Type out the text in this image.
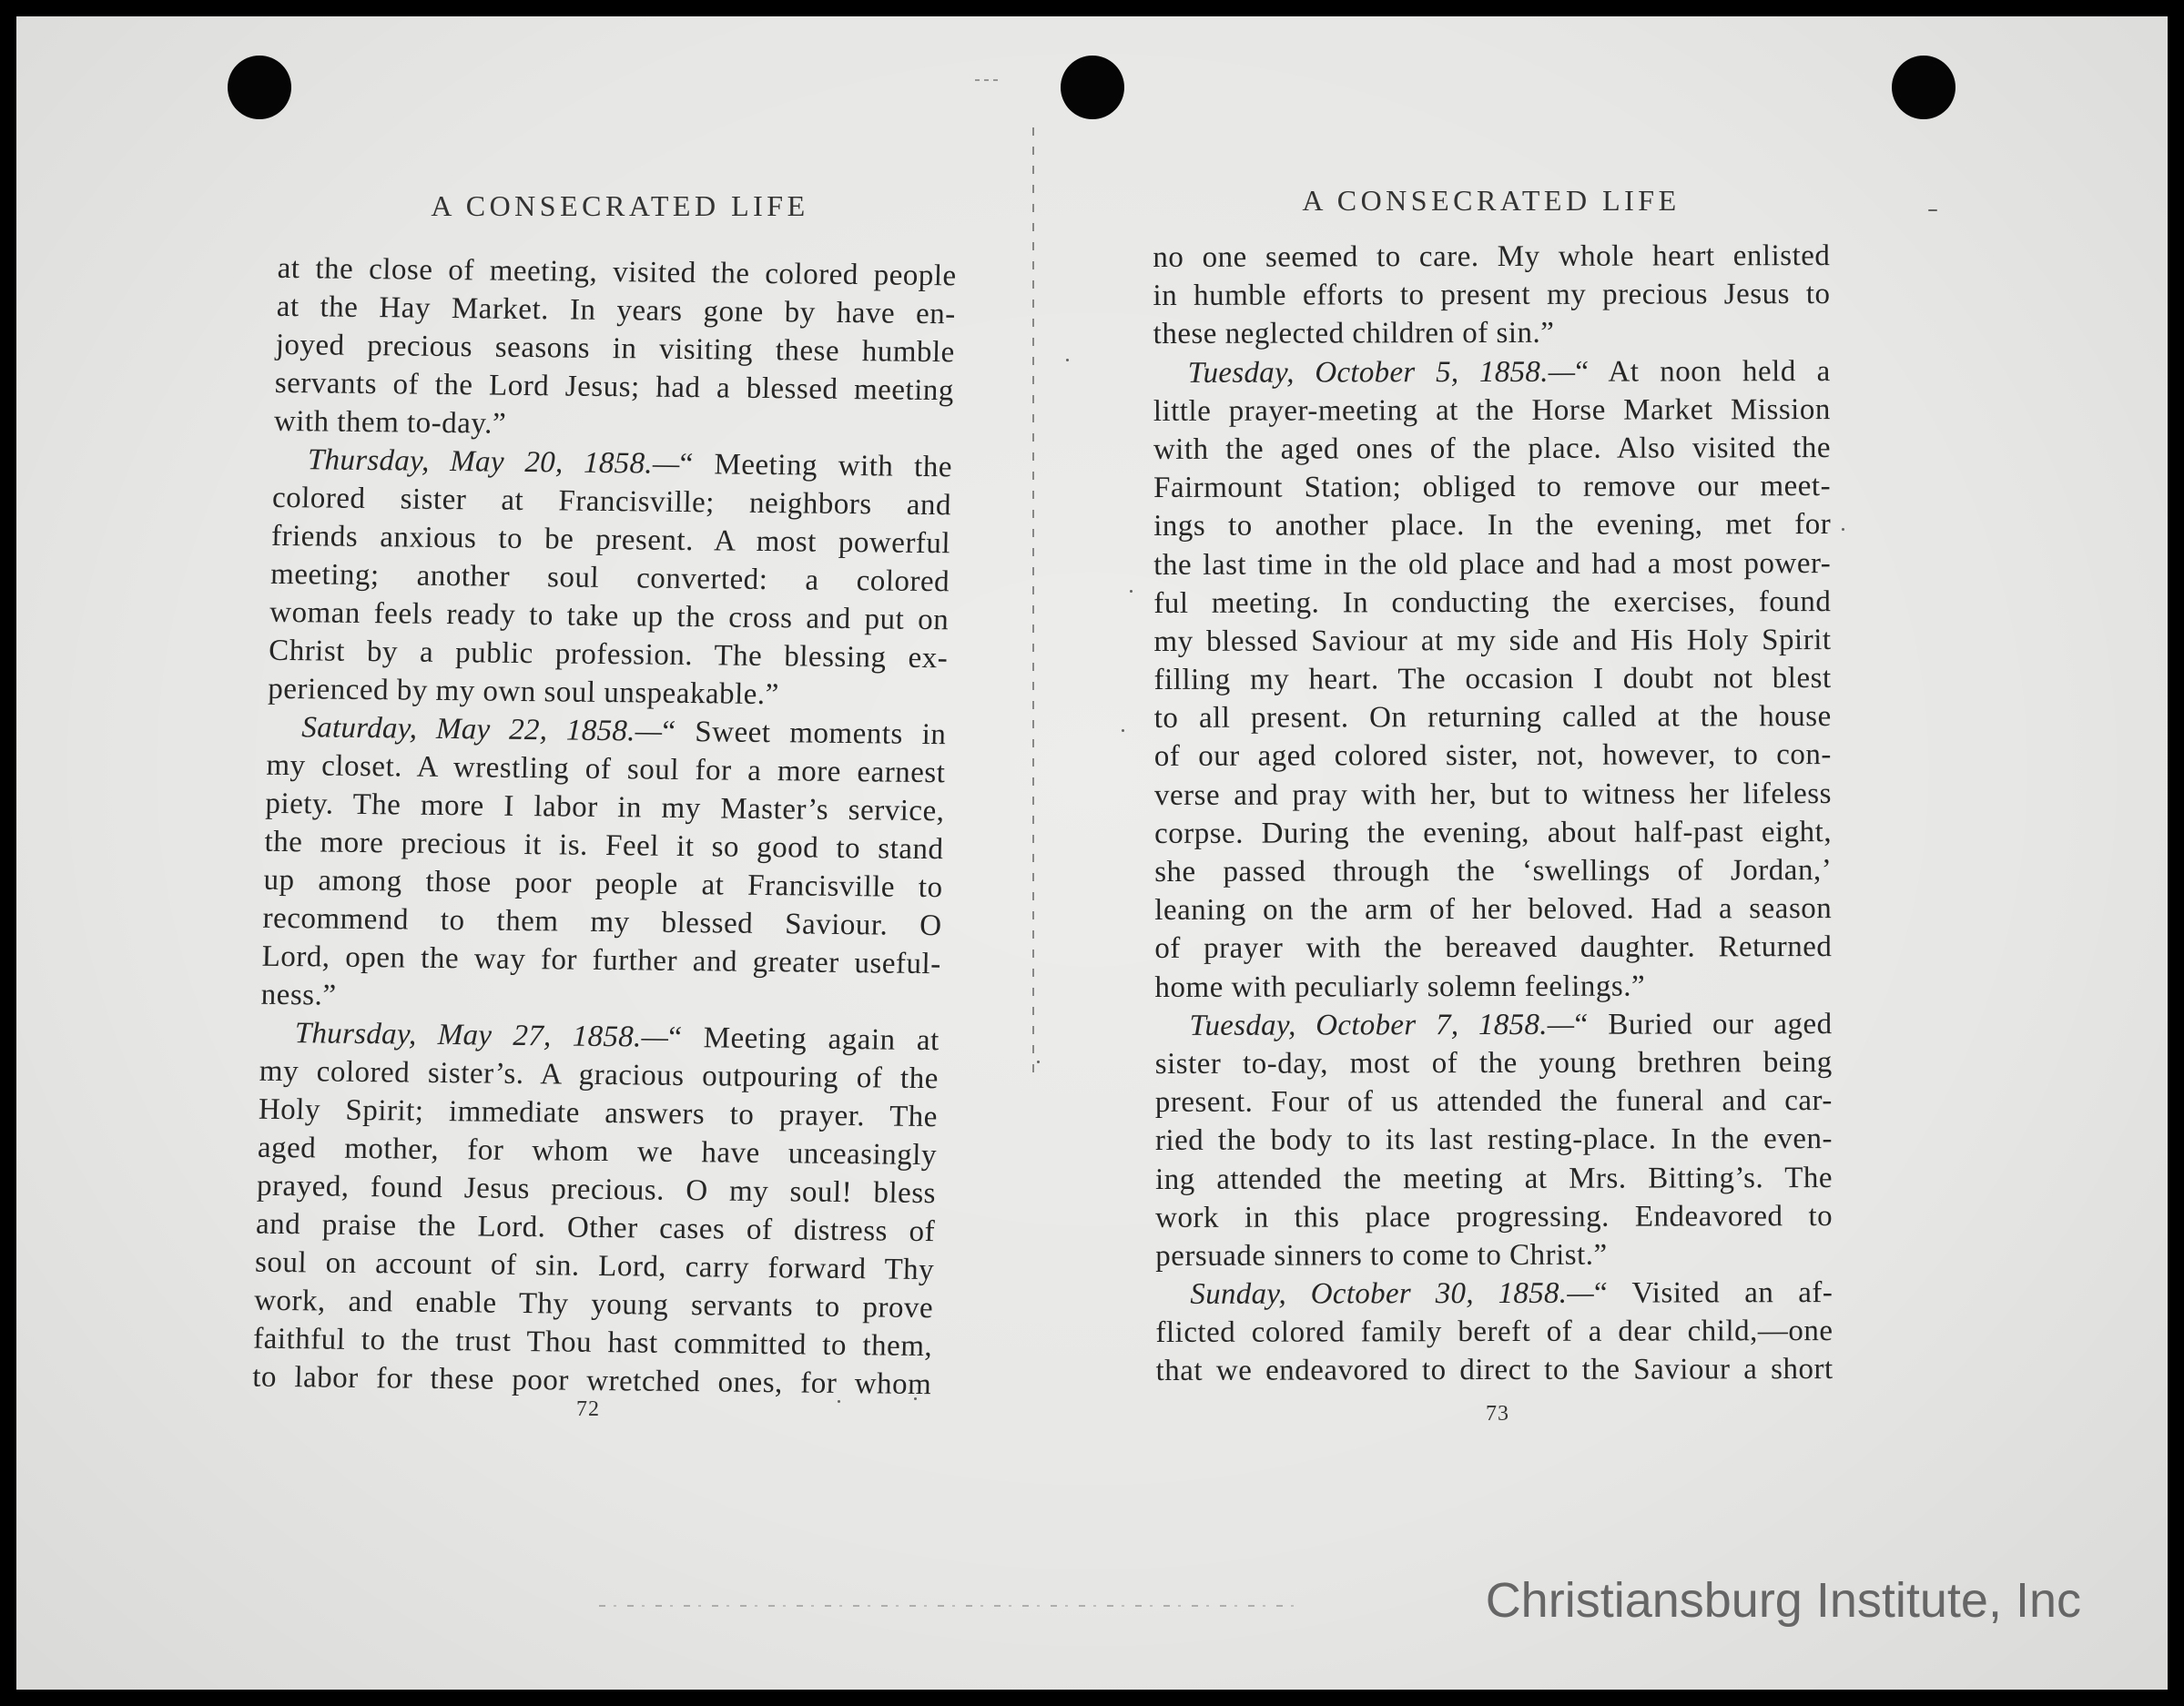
A CONSECRATED LIFE
at the close of meeting, visited the colored people
at the Hay Market. In years gone by have en-
joyed precious seasons in visiting these humble
servants of the Lord Jesus; had a blessed meeting
with them to-day.”
Thursday, May 20, 1858.—“ Meeting with the
colored sister at Francisville; neighbors and
friends anxious to be present. A most powerful
meeting; another soul converted: a colored
woman feels ready to take up the cross and put on
Christ by a public profession. The blessing ex-
perienced by my own soul unspeakable.”
Saturday, May 22, 1858.—“ Sweet moments in
my closet. A wrestling of soul for a more earnest
piety. The more I labor in my Master’s service,
the more precious it is. Feel it so good to stand
up among those poor people at Francisville to
recommend to them my blessed Saviour. O
Lord, open the way for further and greater useful-
ness.”
Thursday, May 27, 1858.—“ Meeting again at
my colored sister’s. A gracious outpouring of the
Holy Spirit; immediate answers to prayer. The
aged mother, for whom we have unceasingly
prayed, found Jesus precious. O my soul! bless
and praise the Lord. Other cases of distress of
soul on account of sin. Lord, carry forward Thy
work, and enable Thy young servants to prove
faithful to the trust Thou hast committed to them,
to labor for these poor wretched ones, for whom
72
A CONSECRATED LIFE
no one seemed to care. My whole heart enlisted
in humble efforts to present my precious Jesus to
these neglected children of sin.”
Tuesday, October 5, 1858.—“ At noon held a
little prayer-meeting at the Horse Market Mission
with the aged ones of the place. Also visited the
Fairmount Station; obliged to remove our meet-
ings to another place. In the evening, met for
the last time in the old place and had a most power-
ful meeting. In conducting the exercises, found
my blessed Saviour at my side and His Holy Spirit
filling my heart. The occasion I doubt not blest
to all present. On returning called at the house
of our aged colored sister, not, however, to con-
verse and pray with her, but to witness her lifeless
corpse. During the evening, about half-past eight,
she passed through the ‘swellings of Jordan,’
leaning on the arm of her beloved. Had a season
of prayer with the bereaved daughter. Returned
home with peculiarly solemn feelings.”
Tuesday, October 7, 1858.—“ Buried our aged
sister to-day, most of the young brethren being
present. Four of us attended the funeral and car-
ried the body to its last resting-place. In the even-
ing attended the meeting at Mrs. Bitting’s. The
work in this place progressing. Endeavored to
persuade sinners to come to Christ.”
Sunday, October 30, 1858.—“ Visited an af-
flicted colored family bereft of a dear child,—one
that we endeavored to direct to the Saviour a short
73
Christiansburg Institute, Inc
